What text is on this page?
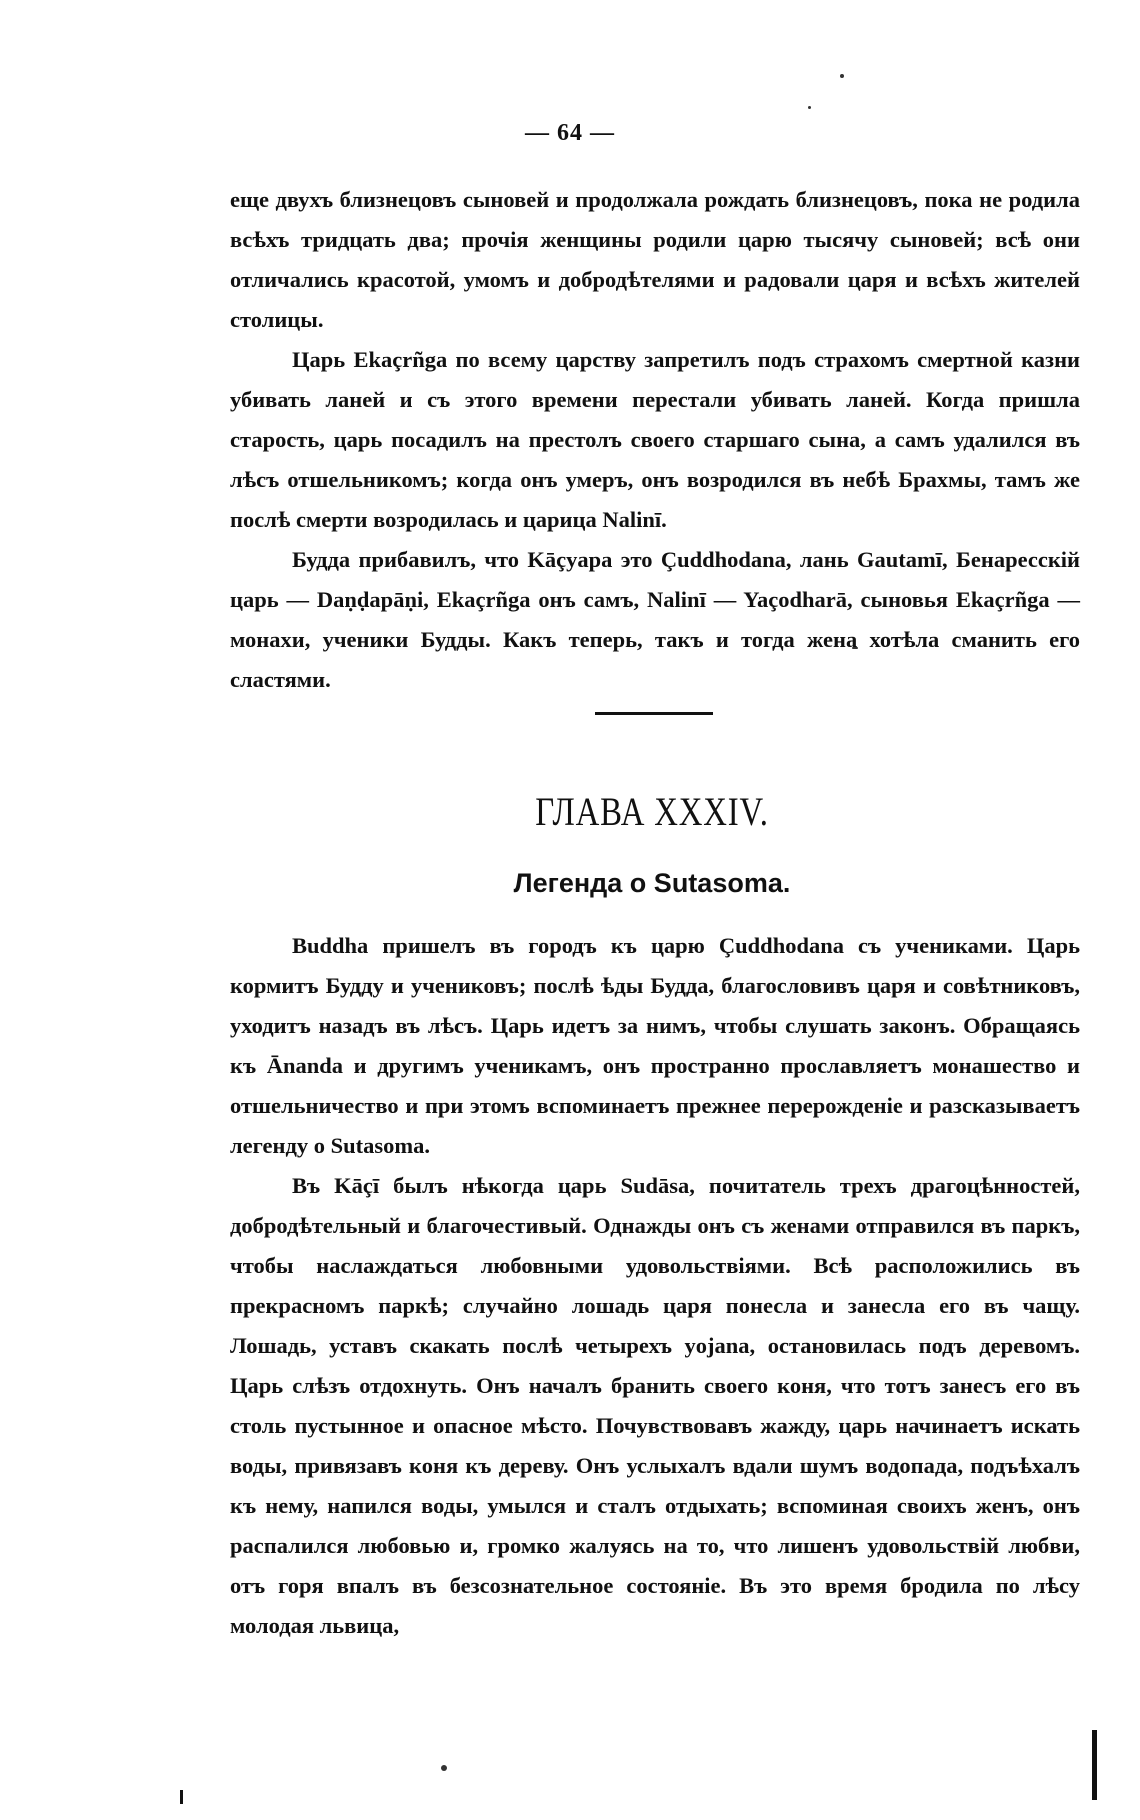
— 64 —

еще двухъ близнецовъ сыновей и продолжала рождать близнецовъ, пока не родила всѣхъ тридцать два; прочія женщины родили царю тысячу сыновей; всѣ они отличались красотой, умомъ и добродѣтелями и радовали царя и всѣхъ жителей столицы.

Царь Ekaçrñga по всему царству запретилъ подъ страхомъ смертной казни убивать ланей и съ этого времени перестали убивать ланей. Когда пришла старость, царь посадилъ на престолъ своего старшаго сына, а самъ удалился въ лѣсъ отшельникомъ; когда онъ умеръ, онъ возродился въ небѣ Брахмы, тамъ же послѣ смерти возродилась и царица Nalinī.

Будда прибавилъ, что Kāçyapa это Çuddhodana, лань Gautamī, Бенаресскій царь — Daṇḍapāṇi, Ekaçrñga онъ самъ, Nalinī — Yaçodharā, сыновья Ekaçrñga — монахи, ученики Будды. Какъ теперь, такъ и тогда жена хотѣла сманить его сластями.

ГЛАВА XXXIV.
Легенда о Sutasoma.

Buddha пришелъ въ городъ къ царю Çuddhodana съ учениками. Царь кормитъ Будду и учениковъ; послѣ ѣды Будда, благословивъ царя и совѣтниковъ, уходитъ назадъ въ лѣсъ. Царь идетъ за нимъ, чтобы слушать законъ. Обращаясь къ Ānanda и другимъ ученикамъ, онъ пространно прославляетъ монашество и отшельничество и при этомъ вспоминаетъ прежнее перерожденіе и разсказываетъ легенду о Sutasoma.

Въ Kāçī былъ нѣкогда царь Sudāsa, почитатель трехъ драгоцѣнностей, добродѣтельный и благочестивый. Однажды онъ съ женами отправился въ паркъ, чтобы наслаждаться любовными удовольствіями. Всѣ расположились въ прекрасномъ паркѣ; случайно лошадь царя понесла и занесла его въ чащу. Лошадь, уставъ скакать послѣ четырехъ yojana, остановилась подъ деревомъ. Царь слѣзъ отдохнуть. Онъ началъ бранить своего коня, что тотъ занесъ его въ столь пустынное и опасное мѣсто. Почувствовавъ жажду, царь начинаетъ искать воды, привязавъ коня къ дереву. Онъ услыхалъ вдали шумъ водопада, подъѣхалъ къ нему, напился воды, умылся и сталъ отдыхать; вспоминая своихъ женъ, онъ распалился любовью и, громко жалуясь на то, что лишенъ удовольствій любви, отъ горя впалъ въ безсознательное состояніе. Въ это время бродила по лѣсу молодая львица,
